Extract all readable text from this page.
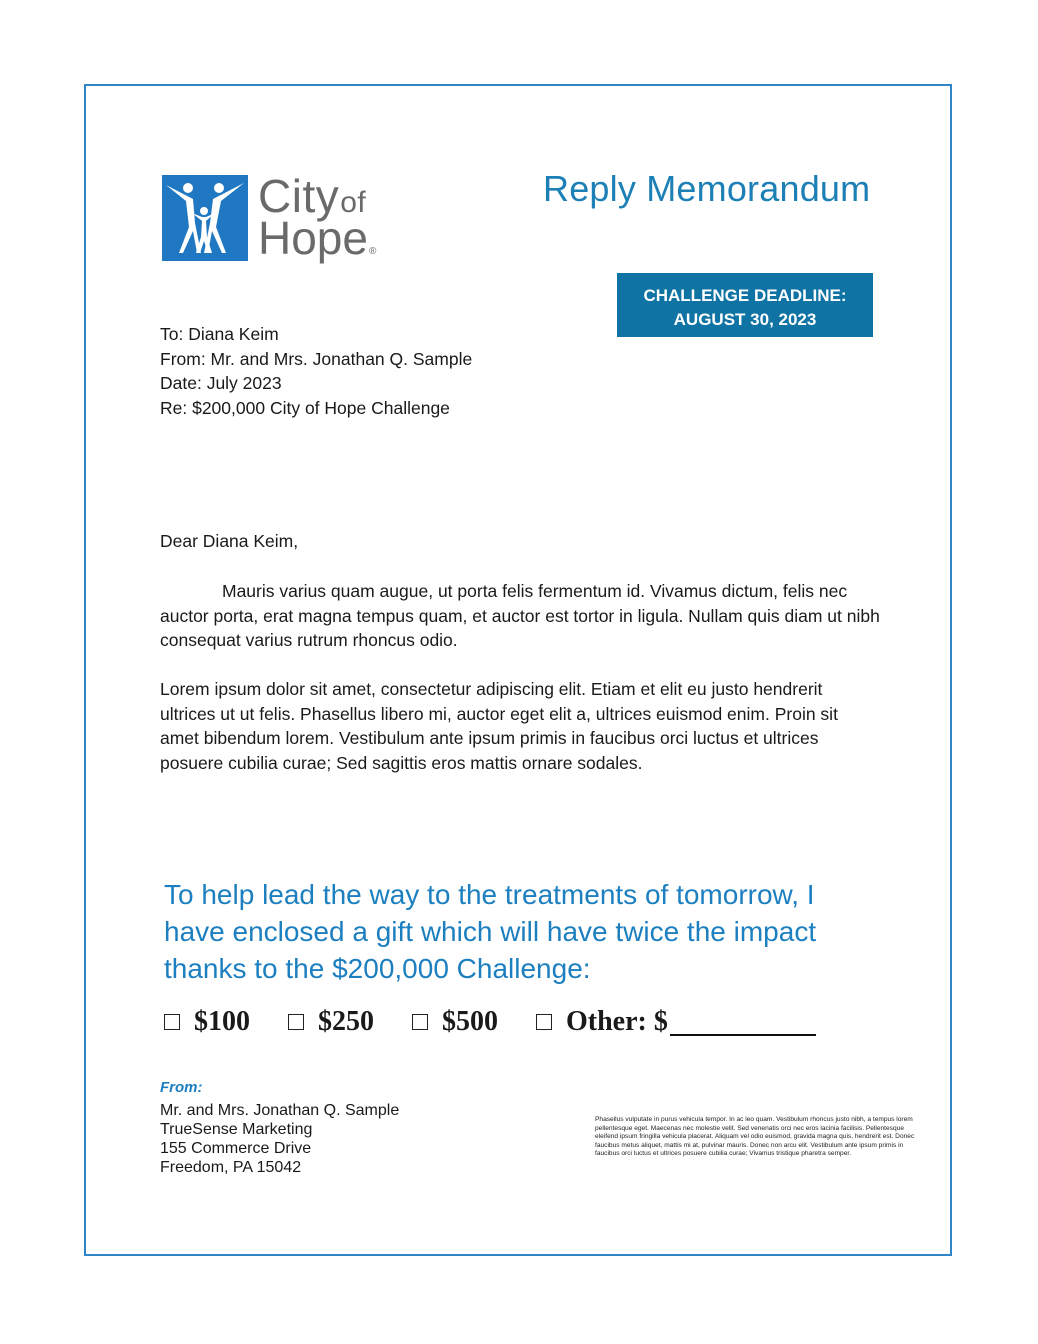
Cityof
Hope®
Reply Memorandum
CHALLENGE DEADLINE:
AUGUST 30, 2023
To: Diana Keim
From: Mr. and Mrs. Jonathan Q. Sample
Date: July 2023
Re: $200,000 City of Hope Challenge
Dear Diana Keim,
Mauris varius quam augue, ut porta felis fermentum id. Vivamus dictum, felis nec auctor porta, erat magna tempus quam, et auctor est tortor in ligula. Nullam quis diam ut nibh consequat varius rutrum rhoncus odio.
Lorem ipsum dolor sit amet, consectetur adipiscing elit. Etiam et elit eu justo hendrerit ultrices ut ut felis. Phasellus libero mi, auctor eget elit a, ultrices euismod enim. Proin sit amet bibendum lorem. Vestibulum ante ipsum primis in faucibus orci luctus et ultrices posuere cubilia curae; Sed sagittis eros mattis ornare sodales.
To help lead the way to the treatments of tomorrow, I have enclosed a gift which will have twice the impact thanks to the $200,000 Challenge:
$100 $250 $500 Other: $
From:
Mr. and Mrs. Jonathan Q. Sample
TrueSense Marketing
155 Commerce Drive
Freedom, PA 15042
Phasellus vulputate in purus vehicula tempor. In ac leo quam. Vestibulum rhoncus justo nibh, a tempus lorem pellentesque eget. Maecenas nec molestie velit. Sed venenatis orci nec eros lacinia facilisis. Pellentesque eleifend ipsum fringilla vehicula placerat. Aliquam vel odio euismod, gravida magna quis, hendrerit est. Donec faucibus metus aliquet, mattis mi at, pulvinar mauris. Donec non arcu elit. Vestibulum ante ipsum primis in faucibus orci luctus et ultrices posuere cubilia curae; Vivamus tristique pharetra semper.
